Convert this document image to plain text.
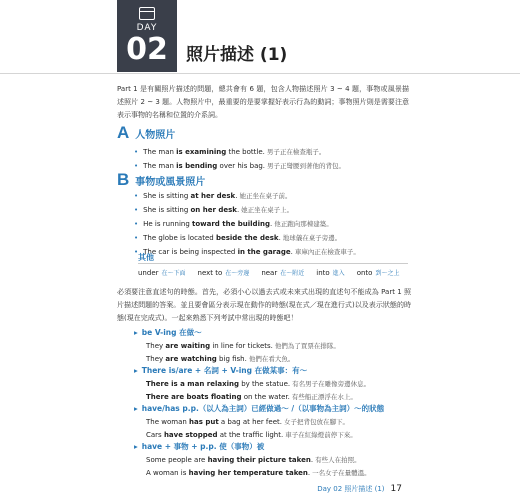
DAY
02	照片描述 (1)
Part 1 是有關照片描述的問題，總共會有 6 題，包含人物描述照片 3 ~ 4 題，事物或風景描述照片 2 ~ 3 題。人物照片中，最重要的是要掌握好表示行為的動詞；事物照片則是需要注意表示事物的名稱和位置的介系詞。
A 人物照片
• The man is examining the bottle. 男子正在檢查瓶子。
• The man is bending over his bag. 男子正彎腰到著他的背包。
B 事物或風景照片
• She is sitting at her desk. 她正坐在桌子前。
• She is sitting on her desk. 她正坐在桌子上。
• He is running toward the building. 他正跑向那棟建築。
• The globe is located beside the desk. 地球儀在桌子旁邊。
• The car is being inspected in the garage. 車庫內正在檢查車子。
其他
under 在～下面 next to 在～旁邊 near 在～附近 into 進入 onto 到～之上
必須要注意直述句的時態。首先，必須小心以過去式或未來式出現的直述句不能成為 Part 1 照片描述問題的答案。並且要會區分表示現在動作的時態(現在式／現在進行式)以及表示狀態的時態(現在完成式)。一起來熟悉下列考試中常出現的時態吧！
▸ be V-ing 在做～
They are waiting in line for tickets. 他們為了買票在排隊。
They are watching big fish. 他們在看大魚。
▸ There is/are + 名詞 + V-ing 在做某事：有～
There is a man relaxing by the statue. 有名男子在雕像旁邊休息。
There are boats floating on the water. 有些船正漂浮在水上。
▸ have/has p.p.（以人為主詞）已經做過～ /（以事物為主詞）～的狀態
The woman has put a bag at her feet. 女子把背包放在腳下。
Cars have stopped at the traffic light. 車子在紅綠燈前停下來。
▸ have + 事物 + p.p. 使（事物）被
Some people are having their picture taken. 有些人在拍照。
A woman is having her temperature taken. 一名女子在量體溫。
Day 02 照片描述 (1) 17
